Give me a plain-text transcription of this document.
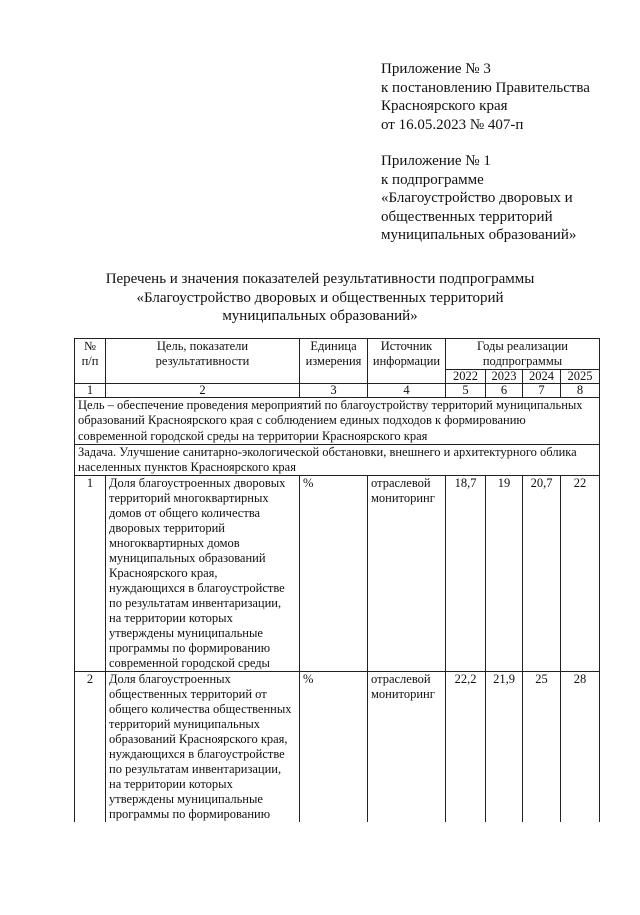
Приложение № 3

к постановлению Правительства

Красноярского края

от 16.05.2023 № 407-п

Приложение № 1

к подпрограмме

«Благоустройство дворовых и

общественных территорий

муниципальных образований»

Перечень и значения показателей результативности подпрограммы

«Благоустройство дворовых и общественных территорий

муниципальных образований»

№ п/п	Цель, показатели результативности	Единица измерения	Источник информации	Годы реализации подпрограммы			
				2022	2023	2024	2025
1	2	3	4	5	6	7	8
Цель – обеспечение проведения мероприятий по благоустройству территорий муниципальных образований Красноярского края с соблюдением единых подходов к формированию современной городской среды на территории Красноярского края							
Задача. Улучшение санитарно-экологической обстановки, внешнего и архитектурного облика населенных пунктов Красноярского края							
1	Доля благоустроенных дворовых территорий многоквартирных домов от общего количества дворовых территорий многоквартирных домов муниципальных образований Красноярского края, нуждающихся в благоустройстве по результатам инвентаризации, на территории которых утверждены муниципальные программы по формированию современной городской среды	%	отраслевой мониторинг	18,7	19	20,7	22
2	Доля благоустроенных общественных территорий от общего количества общественных территорий муниципальных образований Красноярского края, нуждающихся в благоустройстве по результатам инвентаризации, на территории которых утверждены муниципальные программы по формированию	%	отраслевой мониторинг	22,2	21,9	25	28
